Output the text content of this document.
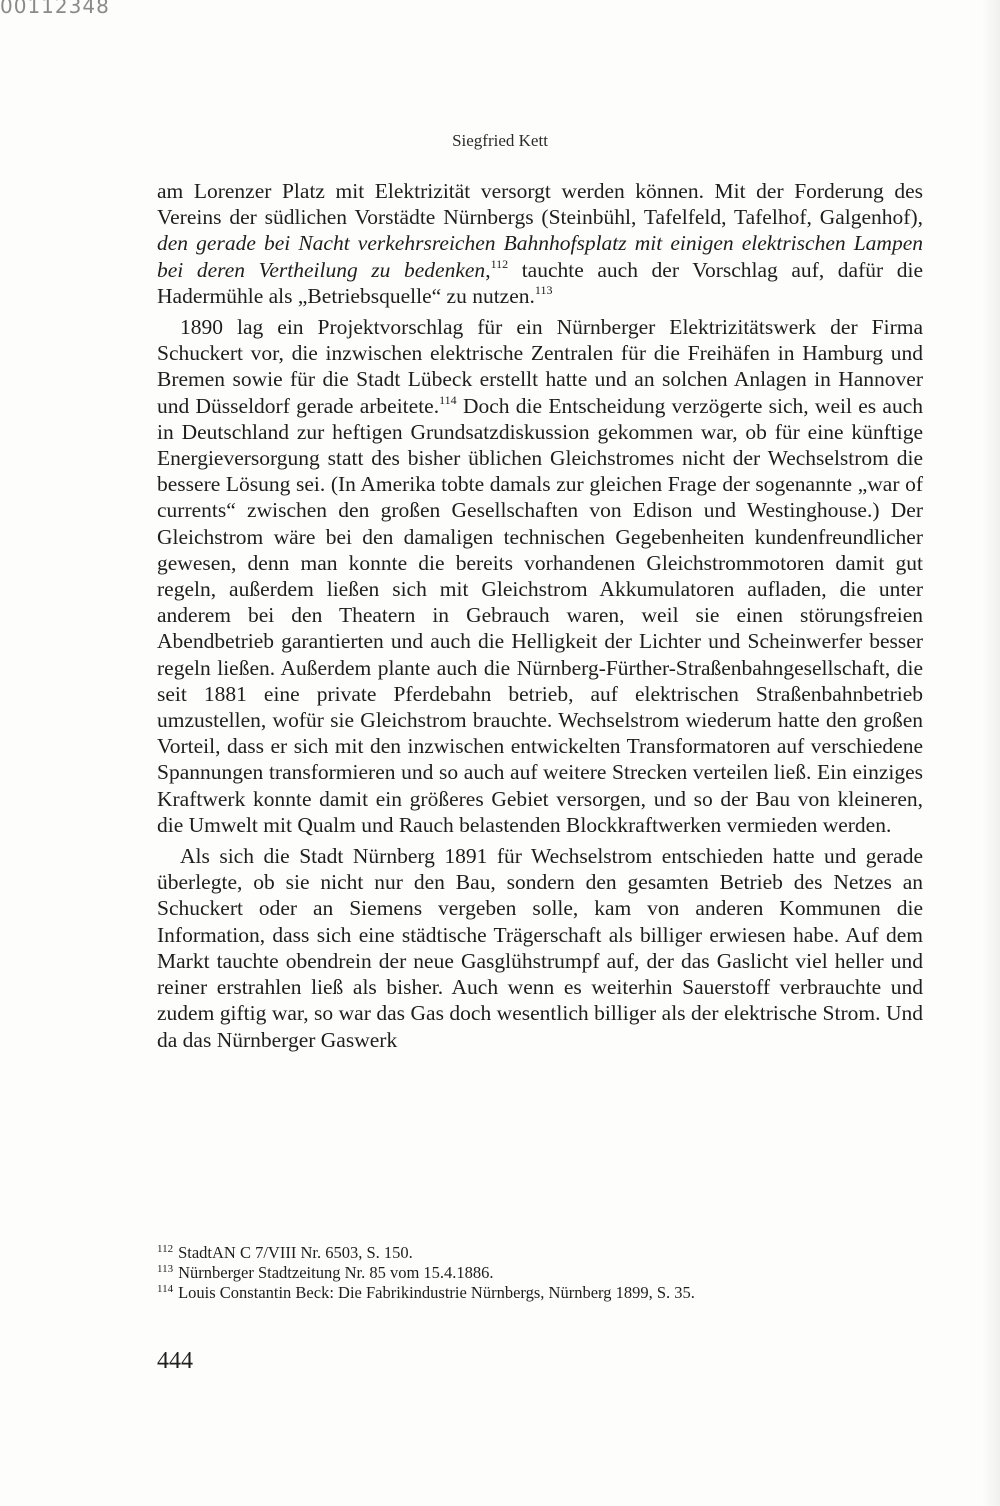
00112348
Siegfried Kett

am Lorenzer Platz mit Elektrizität versorgt werden können. Mit der Forderung des Vereins der südlichen Vorstädte Nürnbergs (Steinbühl, Tafelfeld, Tafelhof, Galgenhof), den gerade bei Nacht verkehrsreichen Bahnhofsplatz mit einigen elektrischen Lampen bei deren Vertheilung zu bedenken,$^{112}$ tauchte auch der Vorschlag auf, dafür die Hadermühle als „Betriebsquelle“ zu nutzen.$^{113}$

1890 lag ein Projektvorschlag für ein Nürnberger Elektrizitätswerk der Firma Schuckert vor, die inzwischen elektrische Zentralen für die Freihäfen in Hamburg und Bremen sowie für die Stadt Lübeck erstellt hatte und an solchen Anlagen in Hannover und Düsseldorf gerade arbeitete.$^{114}$ Doch die Entscheidung verzögerte sich, weil es auch in Deutschland zur heftigen Grundsatzdiskussion gekommen war, ob für eine künftige Energieversorgung statt des bisher üblichen Gleichstromes nicht der Wechselstrom die bessere Lösung sei. (In Amerika tobte damals zur gleichen Frage der sogenannte „war of currents“ zwischen den großen Gesellschaften von Edison und Westinghouse.) Der Gleichstrom wäre bei den damaligen technischen Gegebenheiten kundenfreundlicher gewesen, denn man konnte die bereits vorhandenen Gleichstrommotoren damit gut regeln, außerdem ließen sich mit Gleichstrom Akkumulatoren aufladen, die unter anderem bei den Theatern in Gebrauch waren, weil sie einen störungsfreien Abendbetrieb garantierten und auch die Helligkeit der Lichter und Scheinwerfer besser regeln ließen. Außerdem plante auch die Nürnberg-Fürther-Straßenbahngesellschaft, die seit 1881 eine private Pferdebahn betrieb, auf elektrischen Straßenbahnbetrieb umzustellen, wofür sie Gleichstrom brauchte. Wechselstrom wiederum hatte den großen Vorteil, dass er sich mit den inzwischen entwickelten Transformatoren auf verschiedene Spannungen transformieren und so auch auf weitere Strecken verteilen ließ. Ein einziges Kraftwerk konnte damit ein größeres Gebiet versorgen, und so der Bau von kleineren, die Umwelt mit Qualm und Rauch belastenden Blockkraftwerken vermieden werden.

Als sich die Stadt Nürnberg 1891 für Wechselstrom entschieden hatte und gerade überlegte, ob sie nicht nur den Bau, sondern den gesamten Betrieb des Netzes an Schuckert oder an Siemens vergeben solle, kam von anderen Kommunen die Information, dass sich eine städtische Trägerschaft als billiger erwiesen habe. Auf dem Markt tauchte obendrein der neue Gasglühstrumpf auf, der das Gaslicht viel heller und reiner erstrahlen ließ als bisher. Auch wenn es weiterhin Sauerstoff verbrauchte und zudem giftig war, so war das Gas doch wesentlich billiger als der elektrische Strom. Und da das Nürnberger Gaswerk

$^{112}$ StadtAN C 7/VIII Nr. 6503, S. 150.
$^{113}$ Nürnberger Stadtzeitung Nr. 85 vom 15.4.1886.
$^{114}$ Louis Constantin Beck: Die Fabrikindustrie Nürnbergs, Nürnberg 1899, S. 35.
444
